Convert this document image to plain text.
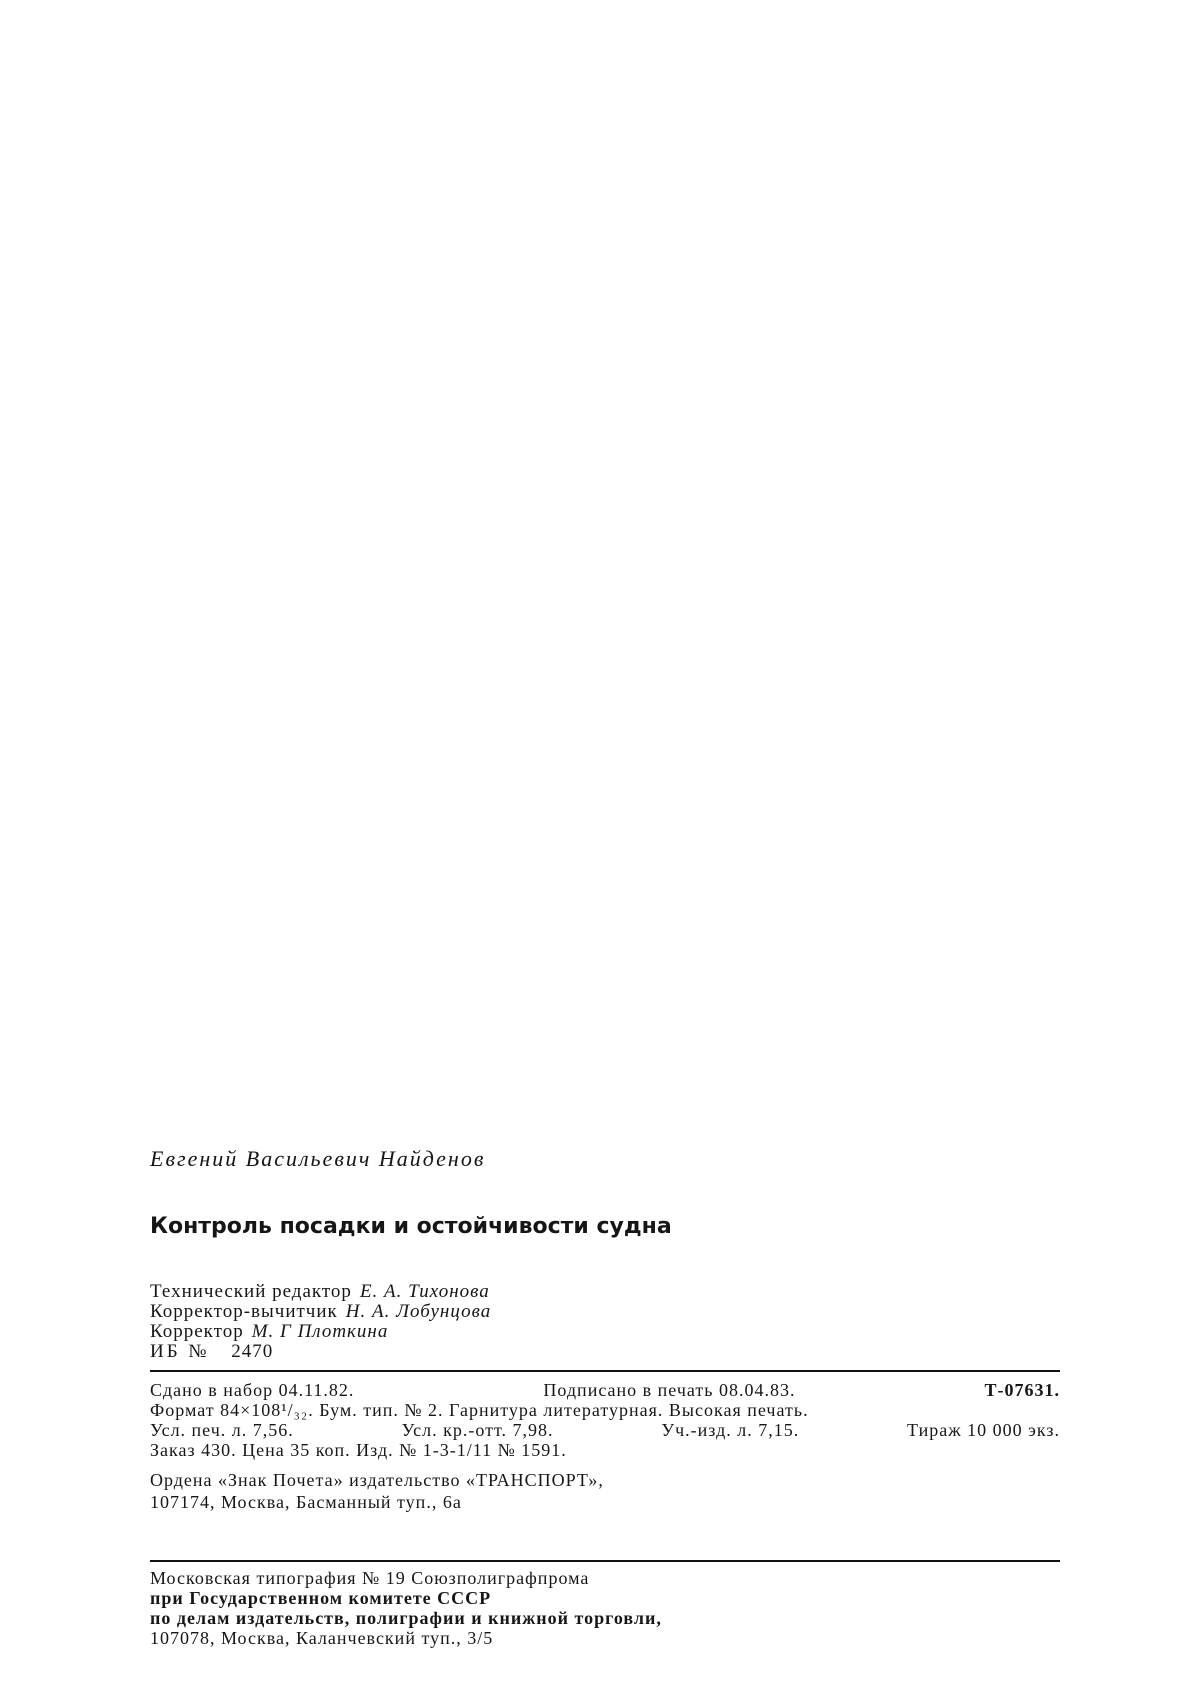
Евгений Васильевич Найденов
Контроль посадки и остойчивости судна
Технический редактор Е. А. Тихонова
Корректор-вычитчик Н. А. Лобунцова
Корректор М. Г Плоткина
ИБ № 2470
Сдано в набор 04.11.82.	Подписано в печать 08.04.83.	Т-07631.
Формат 84×108¹/₃₂. Бум. тип. № 2. Гарнитура литературная. Высокая печать.
Усл. печ. л. 7,56.	Усл. кр.-отт. 7,98.	Уч.-изд. л. 7,15.	Тираж 10 000 экз.
Заказ 430. Цена 35 коп. Изд. № 1-3-1/11 № 1591.
Ордена «Знак Почета» издательство «ТРАНСПОРТ»,
107174, Москва, Басманный туп., 6а
Московская типография № 19 Союзполиграфпрома
при Государственном комитете СССР
по делам издательств, полиграфии и книжной торговли,
107078, Москва, Каланчевский туп., 3/5
